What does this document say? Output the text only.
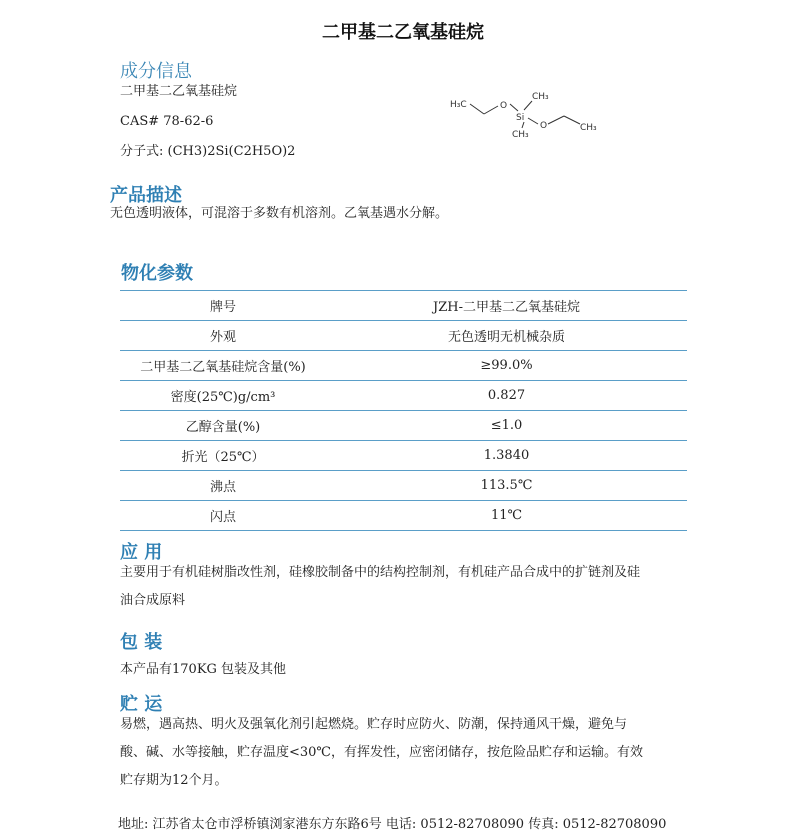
二甲基二乙氧基硅烷
成分信息
二甲基二乙氧基硅烷
CAS# 78-62-6
分子式: (CH3)2Si(C2H5O)2
H₃C	O
Si
CH₃
CH₃
O	CH₃
产品描述
无色透明液体，可混溶于多数有机溶剂。乙氧基遇水分解。
物化参数
牌号	JZH-二甲基二乙氧基硅烷
外观	无色透明无机械杂质
二甲基二乙氧基硅烷含量(%)	≥99.0%
密度(25℃)g/cm³	0.827
乙醇含量(%)	≤1.0
折光（25℃）	1.3840
沸点	113.5℃
闪点	11℃
应 用
主要用于有机硅树脂改性剂，硅橡胶制备中的结构控制剂，有机硅产品合成中的扩链剂及硅
油合成原料
包 装
本产品有170KG 包装及其他
贮 运
易燃，遇高热、明火及强氧化剂引起燃烧。贮存时应防火、防潮，保持通风干燥，避免与
酸、碱、水等接触，贮存温度<30℃，有挥发性，应密闭储存，按危险品贮存和运输。有效
贮存期为12个月。
地址: 江苏省太仓市浮桥镇浏家港东方东路6号 电话: 0512-82708090 传真: 0512-82708090
